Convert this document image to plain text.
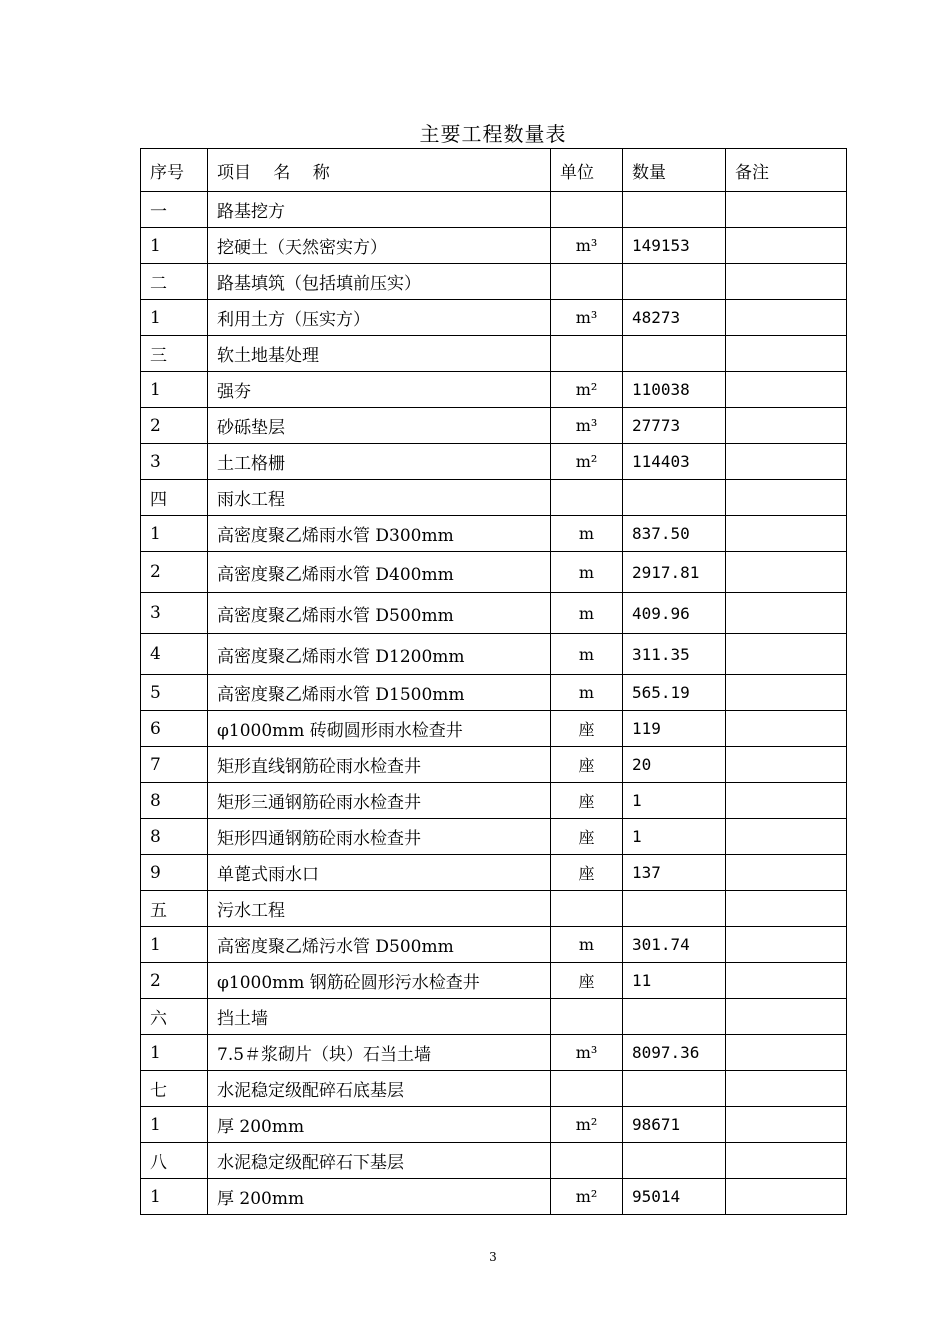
主要工程数量表
序号	项目　 名　 称	单位	数量	备注
一	路基挖方			
1	挖硬土（天然密实方）	m³	149153	
二	路基填筑（包括填前压实）			
1	利用土方（压实方）	m³	48273	
三	软土地基处理			
1	强夯	m²	110038	
2	砂砾垫层	m³	27773	
3	土工格栅	m²	114403	
四	雨水工程			
1	高密度聚乙烯雨水管 D300mm	m	837.50	
2	高密度聚乙烯雨水管 D400mm	m	2917.81	
3	高密度聚乙烯雨水管 D500mm	m	409.96	
4	高密度聚乙烯雨水管 D1200mm	m	311.35	
5	高密度聚乙烯雨水管 D1500mm	m	565.19	
6	φ1000mm 砖砌圆形雨水检查井	座	119	
7	矩形直线钢筋砼雨水检查井	座	20	
8	矩形三通钢筋砼雨水检查井	座	1	
8	矩形四通钢筋砼雨水检查井	座	1	
9	单蓖式雨水口	座	137	
五	污水工程			
1	高密度聚乙烯污水管 D500mm	m	301.74	
2	φ1000mm 钢筋砼圆形污水检查井	座	11	
六	挡土墙			
1	7.5＃浆砌片（块）石当土墙	m³	8097.36	
七	水泥稳定级配碎石底基层			
1	厚 200mm	m²	98671	
八	水泥稳定级配碎石下基层			
1	厚 200mm	m²	95014	
3
